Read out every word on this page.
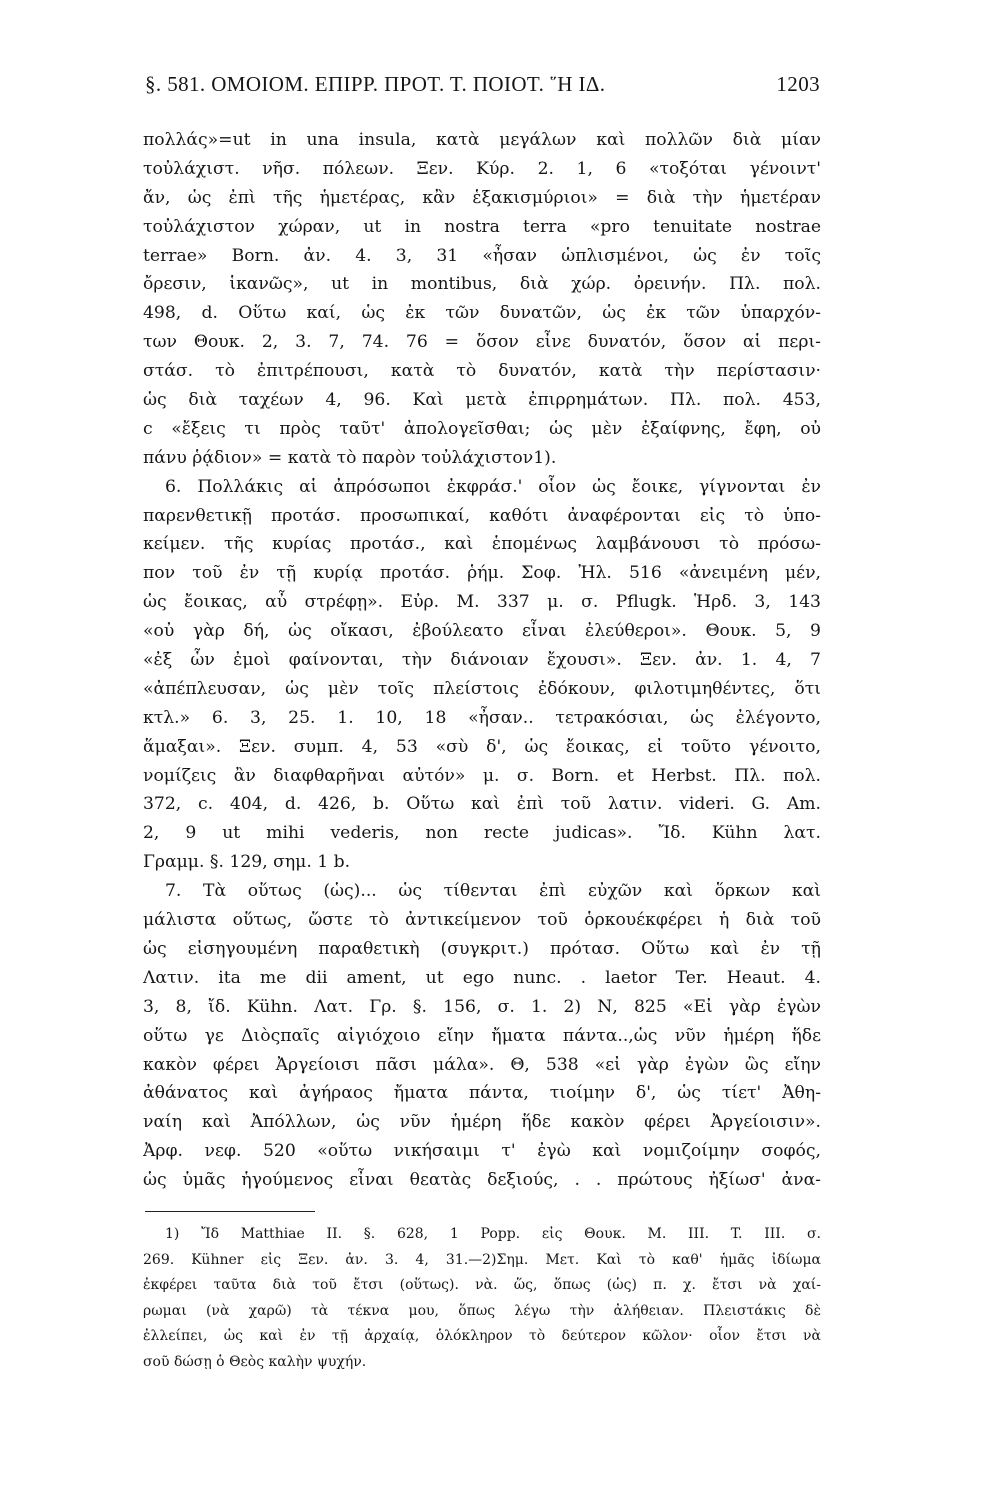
§. 581. ΟΜΟΙΟΜ. ΕΠΙΡΡ. ΠΡΟΤ. Τ. ΠΟΙΟΤ. ῞Η ΙΔ.	1203
πολλάς»=ut in una insula, κατὰ μεγάλων καὶ πολλῶν διὰ μίαν
τοὐλάχιστ. νῆσ. πόλεων. Ξεν. Κύρ. 2. 1, 6 «τοξόται γένοιντ'
ἄν, ὡς ἐπὶ τῆς ἡμετέρας, κἂν ἑξακισμύριοι» = διὰ τὴν ἡμετέραν
τοὐλάχιστον χώραν, ut in nostra terra «pro tenuitate nostrae
terrae» Born. ἀν. 4. 3, 31 «ἦσαν ὡπλισμένοι, ὡς ἐν τοῖς
ὄρεσιν, ἱκανῶς», ut in montibus, διὰ χώρ. ὀρεινήν. Πλ. πολ.
498, d. Οὕτω καί, ὡς ἐκ τῶν δυνατῶν, ὡς ἐκ τῶν ὑπαρχόν-
των Θουκ. 2, 3. 7, 74. 76 = ὅσον εἶνε δυνατόν, ὅσον αἱ περι-
στάσ. τὸ ἐπιτρέπουσι, κατὰ τὸ δυνατόν, κατὰ τὴν περίστασιν·
ὡς διὰ ταχέων 4, 96. Καὶ μετὰ ἐπιρρημάτων. Πλ. πολ. 453,
c «ἔξεις τι πρὸς ταῦτ' ἀπολογεῖσθαι; ὡς μὲν ἐξαίφνης, ἔφη, οὐ
πάνυ ῥᾴδιον» = κατὰ τὸ παρὸν τοὐλάχιστον1).
6. Πολλάκις αἱ ἀπρόσωποι ἐκφράσ.' οἷον ὡς ἔοικε, γίγνονται ἐν
παρενθετικῇ προτάσ. προσωπικαί, καθότι ἀναφέρονται εἰς τὸ ὑπο-
κείμεν. τῆς κυρίας προτάσ., καὶ ἑπομένως λαμβάνουσι τὸ πρόσω-
πον τοῦ ἐν τῇ κυρίᾳ προτάσ. ῥήμ. Σοφ. Ἠλ. 516 «ἀνειμένη μέν,
ὡς ἔοικας, αὖ στρέφῃ». Εὐρ. Μ. 337 μ. σ. Pflugk. Ἡρδ. 3, 143
«οὐ γὰρ δή, ὡς οἴκασι, ἐβούλεατο εἶναι ἐλεύθεροι». Θουκ. 5, 9
«ἐξ ὧν ἐμοὶ φαίνονται, τὴν διάνοιαν ἔχουσι». Ξεν. ἀν. 1. 4, 7
«ἀπέπλευσαν, ὡς μὲν τοῖς πλείστοις ἐδόκουν, φιλοτιμηθέντες, ὅτι
κτλ.» 6. 3, 25. 1. 10, 18 «ἦσαν.. τετρακόσιαι, ὡς ἐλέγοντο,
ἅμαξαι». Ξεν. συμπ. 4, 53 «σὺ δ', ὡς ἔοικας, εἰ τοῦτο γένοιτο,
νομίζεις ἂν διαφθαρῆναι αὐτόν» μ. σ. Born. et Herbst. Πλ. πολ.
372, c. 404, d. 426, b. Οὕτω καὶ ἐπὶ τοῦ λατιν. videri. G. Am.
2, 9 ut mihi vederis, non recte judicas». Ἴδ. Kühn λατ.
Γραμμ. §. 129, σημ. 1 b.
7. Τὰ οὕτως (ὡς)... ὡς τίθενται ἐπὶ εὐχῶν καὶ ὅρκων καὶ
μάλιστα οὕτως, ὥστε τὸ ἀντικείμενον τοῦ ὁρκουέκφέρει ἡ διὰ τοῦ
ὡς εἰσηγουμένη παραθετικὴ (συγκριτ.) πρότασ. Οὕτω καὶ ἐν τῇ
Λατιν. ita me dii ament, ut ego nunc. . laetor Ter. Heaut. 4.
3, 8, ἴδ. Kühn. Λατ. Γρ. §. 156, σ. 1. 2) Ν, 825 «Εἰ γὰρ ἐγὼν
οὕτω γε Διὸςπαῖς αἰγιόχοιο εἴην ἤματα πάντα..,ὡς νῦν ἡμέρη ἥδε
κακὸν φέρει Ἀργείοισι πᾶσι μάλα». Θ, 538 «εἰ γὰρ ἐγὼν ὣς εἴην
ἀθάνατος καὶ ἀγήραος ἤματα πάντα, τιοίμην δ', ὡς τίετ' Ἀθη-
ναίη καὶ Ἀπόλλων, ὡς νῦν ἡμέρη ἥδε κακὸν φέρει Ἀργείοισιν».
Ἀρφ. νεφ. 520 «οὕτω νικήσαιμι τ' ἐγὼ καὶ νομιζοίμην σοφός,
ὡς ὑμᾶς ἡγούμενος εἶναι θεατὰς δεξιούς, . . πρώτους ἠξίωσ' ἀνα-
1) Ἴδ Matthiae II. §. 628, 1 Popp. εἰς Θουκ. M. III. T. III. σ.
269. Kühner εἰς Ξεν. ἀν. 3. 4, 31.—2)Σημ. Μετ. Καὶ τὸ καθ' ἡμᾶς ἰδίωμα
ἐκφέρει ταῦτα διὰ τοῦ ἔτσι (οὕτως). νὰ. ὥς, ὅπως (ὡς) π. χ. ἔτσι νὰ χαί-
ρωμαι (νὰ χαρῶ) τὰ τέκνα μου, ὅπως λέγω τὴν ἀλήθειαν. Πλειστάκις δὲ
ἐλλείπει, ὡς καὶ ἐν τῇ ἀρχαίᾳ, ὁλόκληρον τὸ δεύτερον κῶλον· οἷον ἔτσι νὰ
σοῦ δώσῃ ὁ Θεὸς καλὴν ψυχήν.
